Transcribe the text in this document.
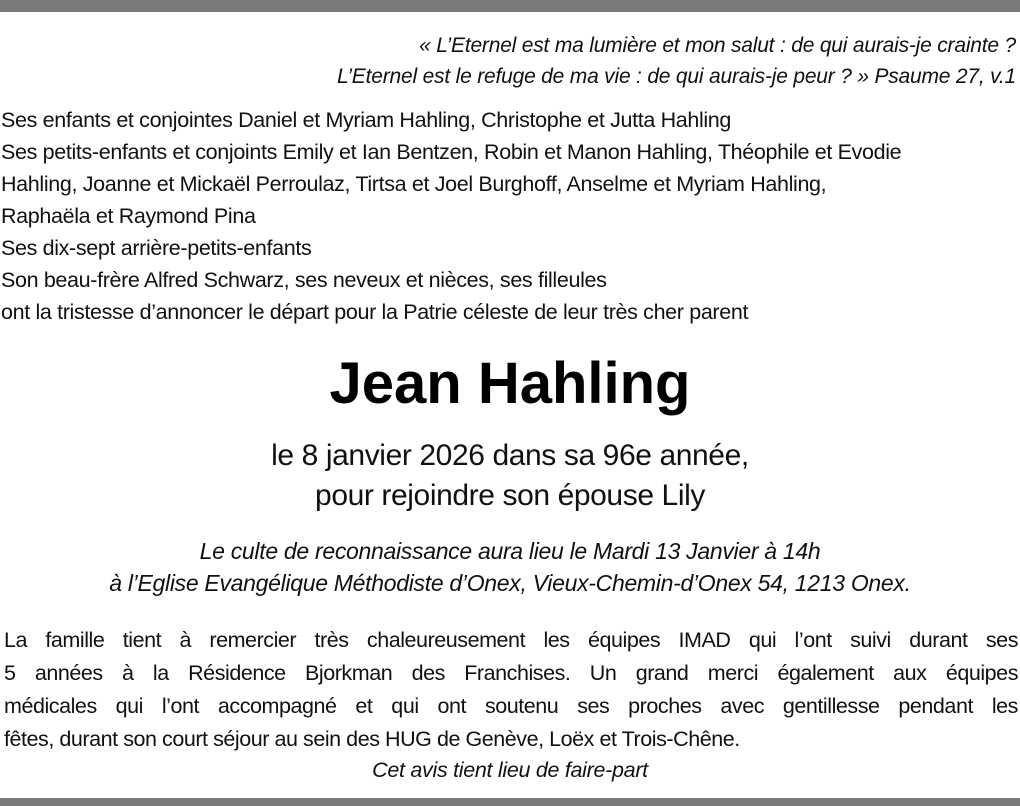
« L’Eternel est ma lumière et mon salut : de qui aurais-je crainte ?
L’Eternel est le refuge de ma vie : de qui aurais-je peur ? » Psaume 27, v.1
Ses enfants et conjointes Daniel et Myriam Hahling, Christophe et Jutta Hahling
Ses petits-enfants et conjoints Emily et Ian Bentzen, Robin et Manon Hahling, Théophile et Evodie
Hahling, Joanne et Mickaël Perroulaz, Tirtsa et Joel Burghoff, Anselme et Myriam Hahling,
Raphaëla et Raymond Pina
Ses dix-sept arrière-petits-enfants
Son beau-frère Alfred Schwarz, ses neveux et nièces, ses filleules
ont la tristesse d’annoncer le départ pour la Patrie céleste de leur très cher parent
Jean Hahling
le 8 janvier 2026 dans sa 96e année,
pour rejoindre son épouse Lily
Le culte de reconnaissance aura lieu le Mardi 13 Janvier à 14h
à l’Eglise Evangélique Méthodiste d’Onex, Vieux-Chemin-d’Onex 54, 1213 Onex.
La famille tient à remercier très chaleureusement les équipes IMAD qui l’ont suivi durant ses
5 années à la Résidence Bjorkman des Franchises. Un grand merci également aux équipes
médicales qui l’ont accompagné et qui ont soutenu ses proches avec gentillesse pendant les
fêtes, durant son court séjour au sein des HUG de Genève, Loëx et Trois-Chêne.
Cet avis tient lieu de faire-part
